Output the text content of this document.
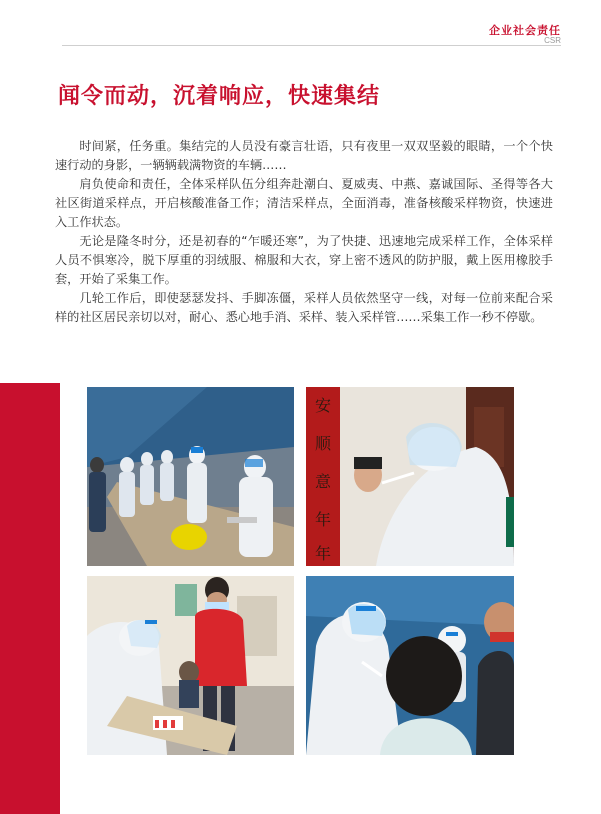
企业社会责任
CSR
闻令而动，沉着响应，快速集结

时间紧，任务重。集结完的人员没有豪言壮语，只有夜里一双双坚毅的眼睛，一个个快速行动的身影，一辆辆载满物资的车辆……

肩负使命和责任，全体采样队伍分组奔赴潮白、夏威夷、中燕、嘉诚国际、圣得等各大社区街道采样点，开启核酸准备工作；清洁采样点，全面消毒，准备核酸采样物资，快速进入工作状态。

无论是隆冬时分，还是初春的“乍暖还寒”，为了快捷、迅速地完成采样工作，全体采样人员不惧寒冷，脱下厚重的羽绒服、棉服和大衣，穿上密不透风的防护服，戴上医用橡胶手套，开始了采集工作。

几轮工作后，即使瑟瑟发抖、手脚冻僵，采样人员依然坚守一线，对每一位前来配合采样的社区居民亲切以对，耐心、悉心地手消、采样、装入采样管……采集工作一秒不停歇。

安
顺
意
年
年
